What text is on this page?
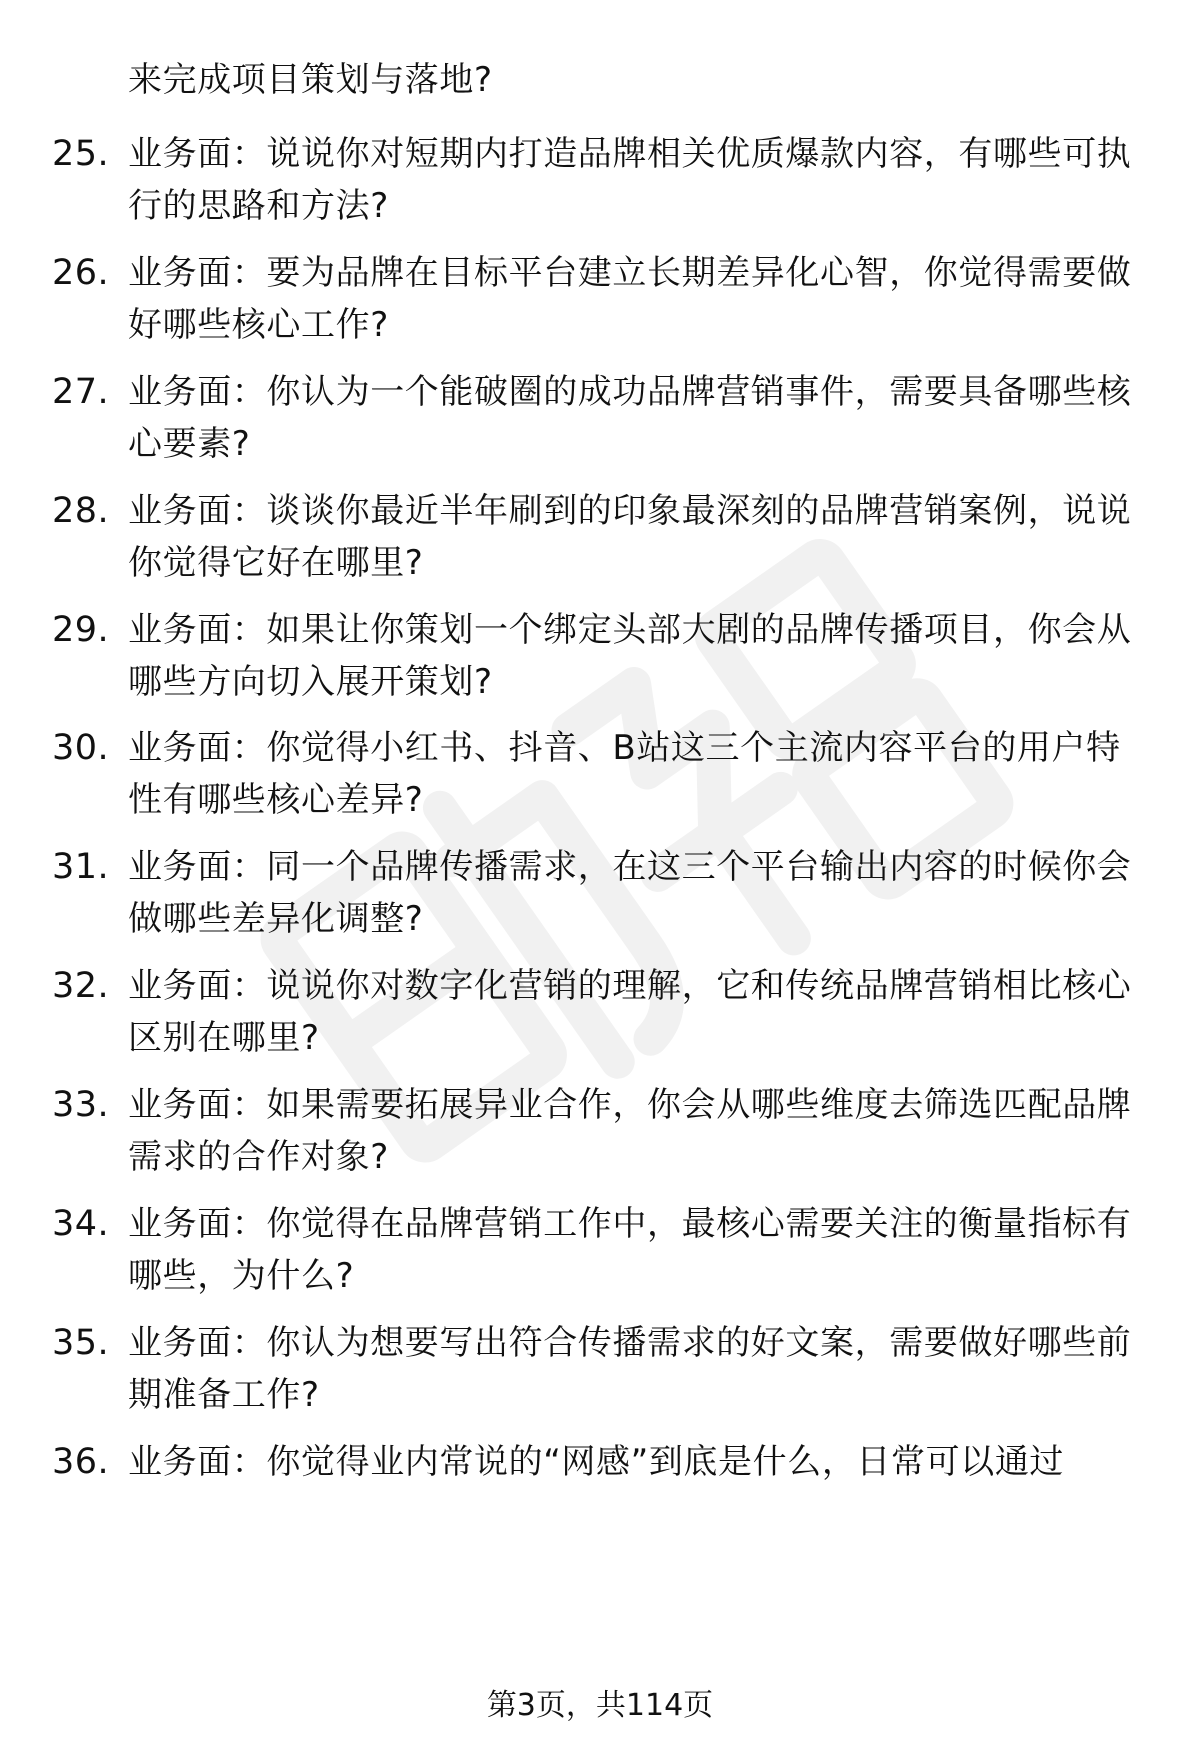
来完成项目策划与落地?
25. 业务面：说说你对短期内打造品牌相关优质爆款内容，有哪些可执行的思路和方法?
26. 业务面：要为品牌在目标平台建立长期差异化心智，你觉得需要做好哪些核心工作?
27. 业务面：你认为一个能破圈的成功品牌营销事件，需要具备哪些核心要素?
28. 业务面：谈谈你最近半年刷到的印象最深刻的品牌营销案例，说说你觉得它好在哪里?
29. 业务面：如果让你策划一个绑定头部大剧的品牌传播项目，你会从哪些方向切入展开策划?
30. 业务面：你觉得小红书、抖音、B站这三个主流内容平台的用户特性有哪些核心差异?
31. 业务面：同一个品牌传播需求，在这三个平台输出内容的时候你会做哪些差异化调整?
32. 业务面：说说你对数字化营销的理解，它和传统品牌营销相比核心区别在哪里?
33. 业务面：如果需要拓展异业合作，你会从哪些维度去筛选匹配品牌需求的合作对象?
34. 业务面：你觉得在品牌营销工作中，最核心需要关注的衡量指标有哪些，为什么?
35. 业务面：你认为想要写出符合传播需求的好文案，需要做好哪些前期准备工作?
36. 业务面：你觉得业内常说的“网感”到底是什么，日常可以通过
第3页，共114页
